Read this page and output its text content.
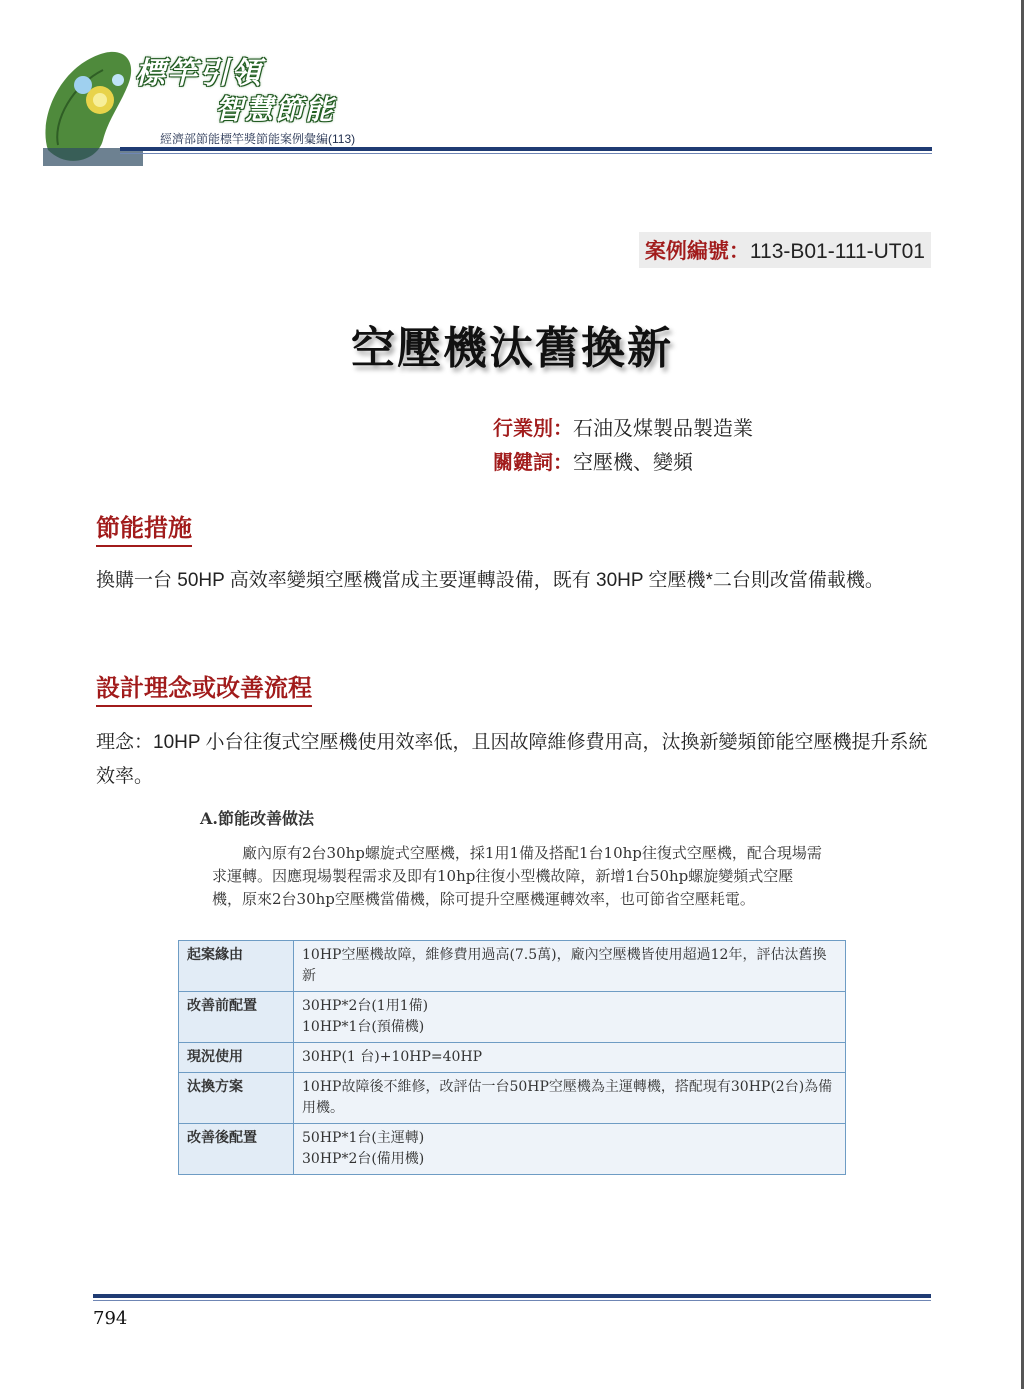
標竿引領
智慧節能
經濟部節能標竿獎節能案例彙編(113)
案例編號：113-B01-111-UT01
空壓機汰舊換新
行業別：石油及煤製品製造業
關鍵詞：空壓機、變頻
節能措施
換購一台 50HP 高效率變頻空壓機當成主要運轉設備，既有 30HP 空壓機*二台則改當備載機。
設計理念或改善流程
理念：10HP 小台往復式空壓機使用效率低，且因故障維修費用高，汰換新變頻節能空壓機提升系統效率。
A.節能改善做法
廠內原有2台30hp螺旋式空壓機，採1用1備及搭配1台10hp往復式空壓機，配合現場需求運轉。因應現場製程需求及即有10hp往復小型機故障，新增1台50hp螺旋變頻式空壓機，原來2台30hp空壓機當備機，除可提升空壓機運轉效率，也可節省空壓耗電。
起案緣由	10HP空壓機故障，維修費用過高(7.5萬)，廠內空壓機皆使用超過12年，評估汰舊換新

改善前配置	30HP*2台(1用1備)
10HP*1台(預備機)

現況使用	30HP(1 台)+10HP=40HP

汰換方案	10HP故障後不維修，改評估一台50HP空壓機為主運轉機，搭配現有30HP(2台)為備用機。

改善後配置	50HP*1台(主運轉)
30HP*2台(備用機)
794
